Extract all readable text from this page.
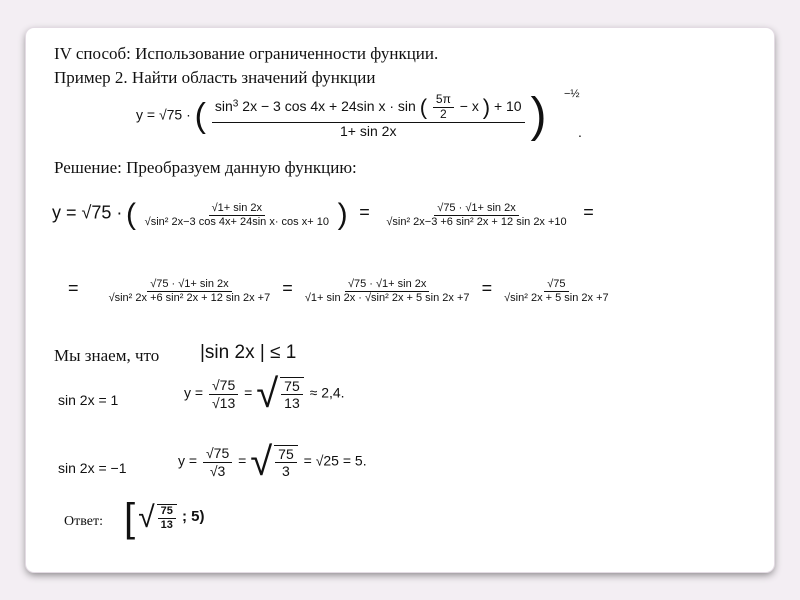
IV способ: Использование ограниченности функции.
Пример 2. Найти область значений функции
y = √75 · ( $\sin^3 2x - 3$ cos 4x + 24sin x · sin ( $\frac{5\pi}{2} - x$ ) + 10
1+ sin 2x	) −½
.
Решение: Преобразуем данную функцию:
y = √75 · ( $\frac{√1+ \sin 2x}{\text{√sin² 2x−3 cos 4x+ 24sin x· cos x+ 10}}$ ) = $\frac{√75 \cdot √1+ \sin 2x}{\text{√sin² 2x−3 +6 sin² 2x + 12 sin 2x +10}}$ =
= $\frac{√75 \cdot √1+ \sin 2x}{\text{√sin² 2x +6 sin² 2x + 12 sin 2x +7}} = \frac{√75 \cdot √1+ \sin 2x}{\text{√1+ sin 2x · √sin² 2x + 5 sin 2x +7}} = \frac{√75}{\text{√sin² 2x + 5 sin 2x +7}}$
Мы знаем, что |sin 2x | ≤ 1
sin 2x = 1	$y = \frac{√75}{√13}$ = √ $\frac{75}{13} \approx 2,4$.
sin 2x = −1	$y = \frac{√75}{√3}$ = √ $\frac{75}{3} = √25 = 5$.
Ответ: [ √ $\frac{75}{13}$ ; 5)
